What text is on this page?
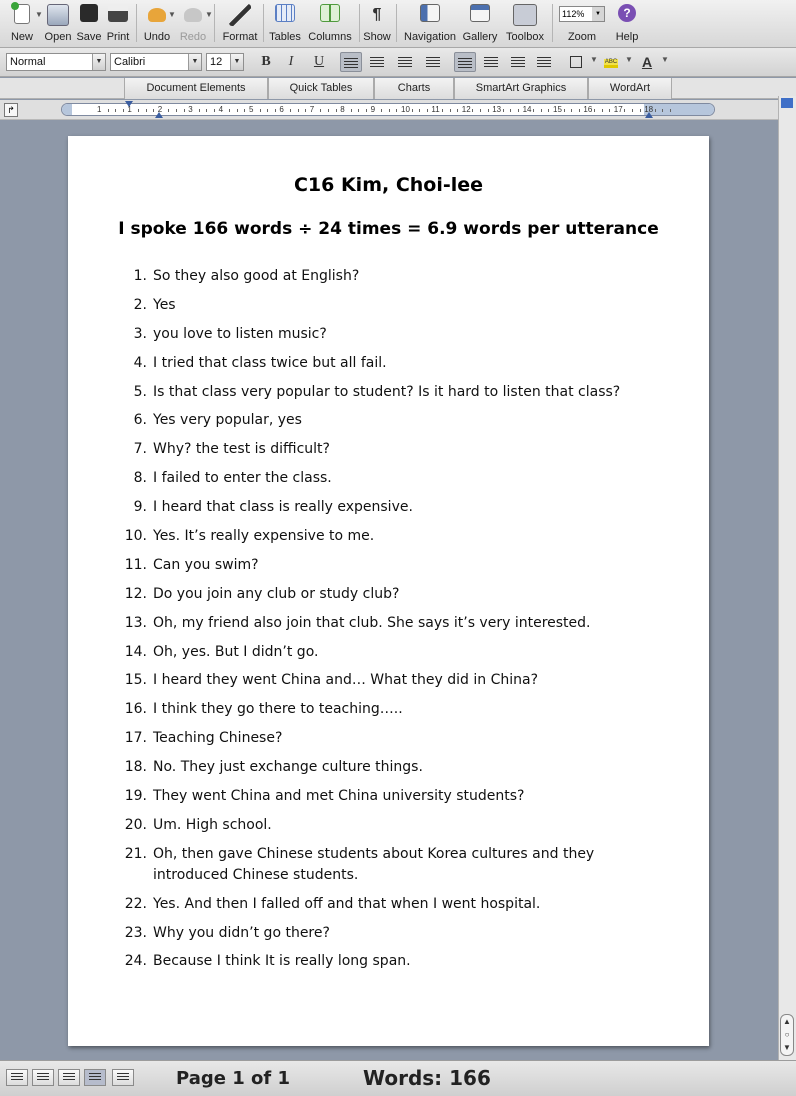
New
▼
Open Save Print	Undo
▼
Redo
▼
Format	Tables Columns
¶
Show	Navigation Gallery Toolbox
112%	▼
Zoom
?
Help
Normal	▼	Calibri	▼	12	▼	B	I	U	▼	ABC ▼ A	▼
Document Elements	Quick Tables	Charts	SmartArt Graphics	WordArt
↱	1	1	2	3	4	5	6	7	8	9	10	11	12	13	14	15	16	17	18
▲
○
▼
C16 Kim, Choi-lee
I spoke 166 words ÷ 24 times = 6.9 words per utterance
1. So they also good at English?
2. Yes
3. you love to listen music?
4. I tried that class twice but all fail.
5. Is that class very popular to student? Is it hard to listen that class?
6. Yes very popular, yes
7. Why? the test is difficult?
8. I failed to enter the class.
9. I heard that class is really expensive.
10. Yes. It’s really expensive to me.
11. Can you swim?
12. Do you join any club or study club?
13. Oh, my friend also join that club. She says it’s very interested.
14. Oh, yes. But I didn’t go.
15. I heard they went China and… What they did in China?
16. I think they go there to teaching…..
17. Teaching Chinese?
18. No. They just exchange culture things.
19. They went China and met China university students?
20. Um. High school.
21. Oh, then gave Chinese students about Korea cultures and they introduced Chinese students.
22. Yes. And then I falled off and that when I went hospital.
23. Why you didn’t go there?
24. Because I think It is really long span.
Page 1 of 1	Words: 166
